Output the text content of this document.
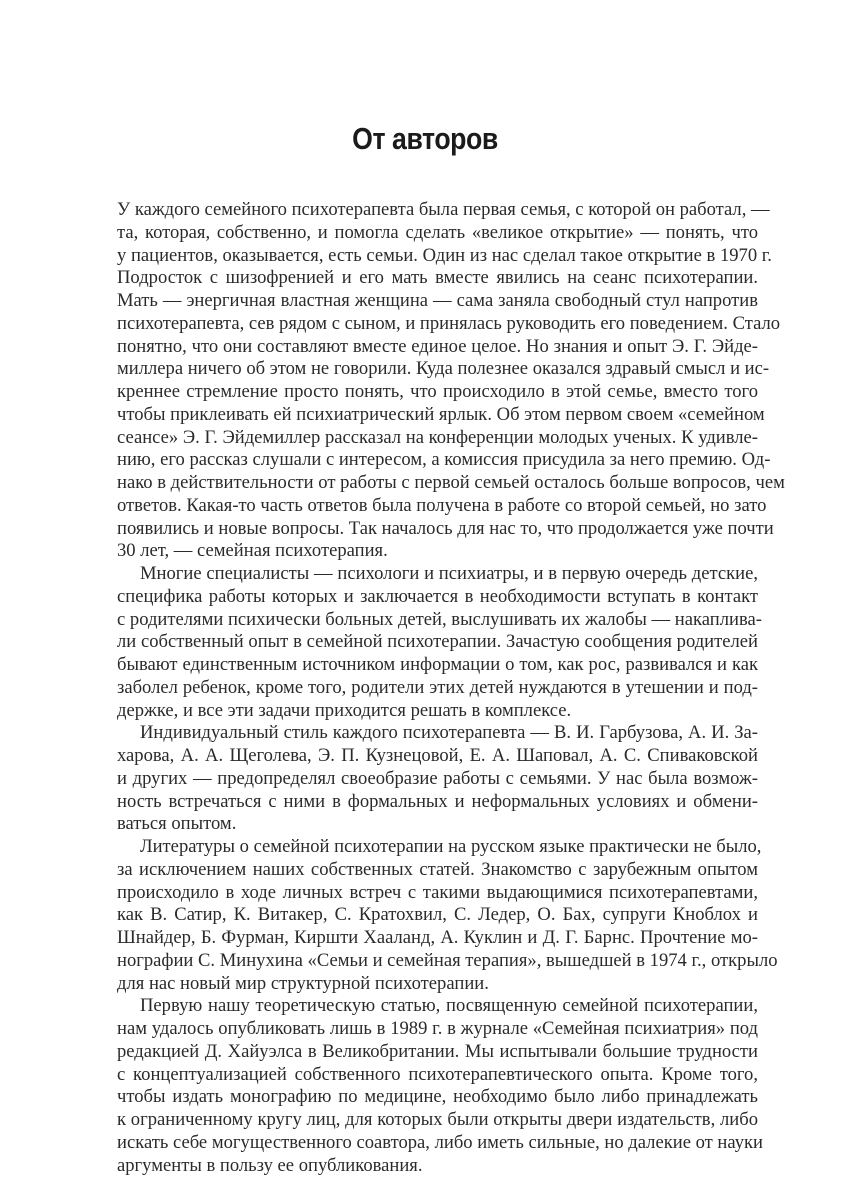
От авторов
У каждого семейного психотерапевта была первая семья, с которой он работал, —
та, которая, собственно, и помогла сделать «великое открытие» — понять, что
у пациентов, оказывается, есть семьи. Один из нас сделал такое открытие в 1970 г.
Подросток с шизофренией и его мать вместе явились на сеанс психотерапии.
Мать — энергичная властная женщина — сама заняла свободный стул напротив
психотерапевта, сев рядом с сыном, и принялась руководить его поведением. Стало
понятно, что они составляют вместе единое целое. Но знания и опыт Э. Г. Эйде-
миллера ничего об этом не говорили. Куда полезнее оказался здравый смысл и ис-
креннее стремление просто понять, что происходило в этой семье, вместо того
чтобы приклеивать ей психиатрический ярлык. Об этом первом своем «семейном
сеансе» Э. Г. Эйдемиллер рассказал на конференции молодых ученых. К удивле-
нию, его рассказ слушали с интересом, а комиссия присудила за него премию. Од-
нако в действительности от работы с первой семьей осталось больше вопросов, чем
ответов. Какая-то часть ответов была получена в работе со второй семьей, но зато
появились и новые вопросы. Так началось для нас то, что продолжается уже почти
30 лет, — семейная психотерапия.
Многие специалисты — психологи и психиатры, и в первую очередь детские,
специфика работы которых и заключается в необходимости вступать в контакт
с родителями психически больных детей, выслушивать их жалобы — накаплива-
ли собственный опыт в семейной психотерапии. Зачастую сообщения родителей
бывают единственным источником информации о том, как рос, развивался и как
заболел ребенок, кроме того, родители этих детей нуждаются в утешении и под-
держке, и все эти задачи приходится решать в комплексе.
Индивидуальный стиль каждого психотерапевта — В. И. Гарбузова, А. И. За-
харова, А. А. Щеголева, Э. П. Кузнецовой, Е. А. Шаповал, А. С. Спиваковской
и других — предопределял своеобразие работы с семьями. У нас была возмож-
ность встречаться с ними в формальных и неформальных условиях и обмени-
ваться опытом.
Литературы о семейной психотерапии на русском языке практически не было,
за исключением наших собственных статей. Знакомство с зарубежным опытом
происходило в ходе личных встреч с такими выдающимися психотерапевтами,
как В. Сатир, К. Витакер, С. Кратохвил, С. Ледер, О. Бах, супруги Кноблох и
Шнайдер, Б. Фурман, Киршти Хааланд, А. Куклин и Д. Г. Барнс. Прочтение мо-
нографии С. Минухина «Семьи и семейная терапия», вышедшей в 1974 г., открыло
для нас новый мир структурной психотерапии.
Первую нашу теоретическую статью, посвященную семейной психотерапии,
нам удалось опубликовать лишь в 1989 г. в журнале «Семейная психиатрия» под
редакцией Д. Хайуэлса в Великобритании. Мы испытывали большие трудности
с концептуализацией собственного психотерапевтического опыта. Кроме того,
чтобы издать монографию по медицине, необходимо было либо принадлежать
к ограниченному кругу лиц, для которых были открыты двери издательств, либо
искать себе могущественного соавтора, либо иметь сильные, но далекие от науки
аргументы в пользу ее опубликования.
